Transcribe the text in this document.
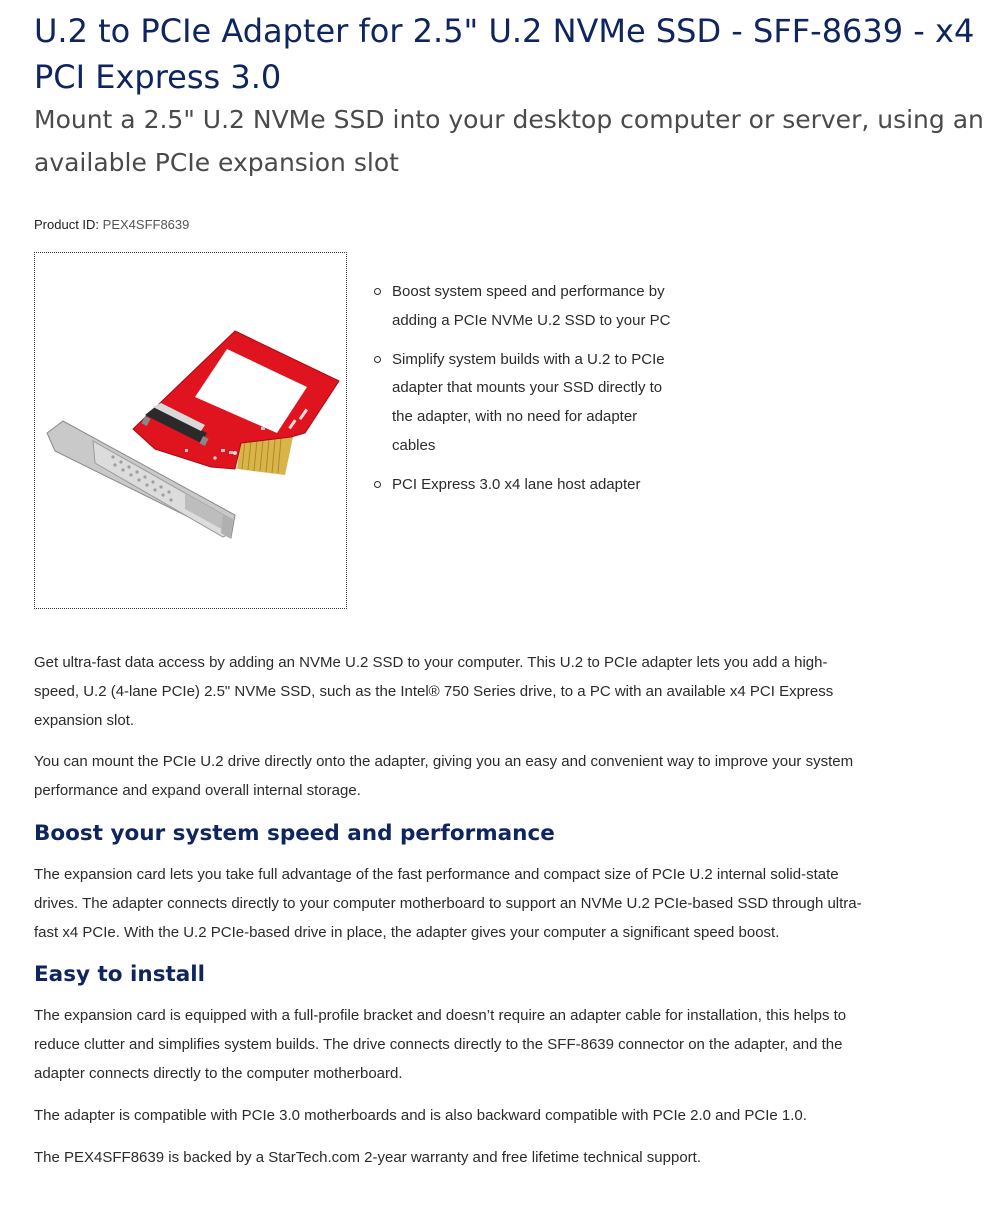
U.2 to PCIe Adapter for 2.5" U.2 NVMe SSD - SFF-8639 - x4 PCI Express 3.0

Mount a 2.5" U.2 NVMe SSD into your desktop computer or server, using an available PCIe expansion slot

Product ID: PEX4SFF8639
Boost system speed and performance by adding a PCIe NVMe U.2 SSD to your PC
Simplify system builds with a U.2 to PCIe adapter that mounts your SSD directly to the adapter, with no need for adapter cables
PCI Express 3.0 x4 lane host adapter

Get ultra-fast data access by adding an NVMe U.2 SSD to your computer. This U.2 to PCIe adapter lets you add a high-speed, U.2 (4-lane PCIe) 2.5" NVMe SSD, such as the Intel® 750 Series drive, to a PC with an available x4 PCI Express expansion slot.

You can mount the PCIe U.2 drive directly onto the adapter, giving you an easy and convenient way to improve your system performance and expand overall internal storage.

Boost your system speed and performance

The expansion card lets you take full advantage of the fast performance and compact size of PCIe U.2 internal solid-state drives. The adapter connects directly to your computer motherboard to support an NVMe U.2 PCIe-based SSD through ultra-fast x4 PCIe. With the U.2 PCIe-based drive in place, the adapter gives your computer a significant speed boost.

Easy to install

The expansion card is equipped with a full-profile bracket and doesn’t require an adapter cable for installation, this helps to reduce clutter and simplifies system builds. The drive connects directly to the SFF-8639 connector on the adapter, and the adapter connects directly to the computer motherboard.

The adapter is compatible with PCIe 3.0 motherboards and is also backward compatible with PCIe 2.0 and PCIe 1.0.

The PEX4SFF8639 is backed by a StarTech.com 2-year warranty and free lifetime technical support.
